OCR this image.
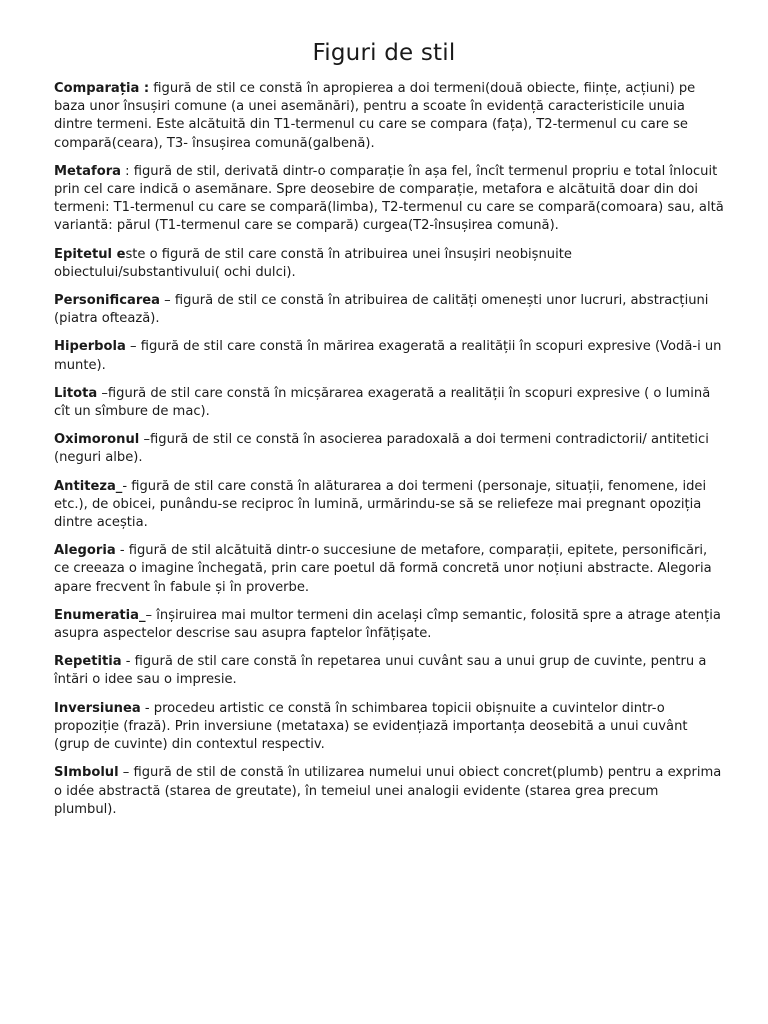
Figuri de stil

Comparația : figură de stil ce constă în apropierea a doi termeni(două obiecte, ființe, acțiuni) pe baza unor însușiri comune (a unei asemănări), pentru a scoate în evidență caracteristicile unuia dintre termeni. Este alcătuită din T1-termenul cu care se compara (fața), T2-termenul cu care se compară(ceara), T3- însușirea comună(galbenă).

Metafora : figură de stil, derivată dintr-o comparație în așa fel, încît termenul propriu e total înlocuit prin cel care indică o asemănare. Spre deosebire de comparație, metafora e alcătuită doar din doi termeni: T1-termenul cu care se compară(limba), T2-termenul cu care se compară(comoara) sau, altă variantă: părul (T1-termenul care se compară) curgea(T2-însușirea comună).

Epitetul este o figură de stil care constă în atribuirea unei însușiri neobișnuite obiectului/substantivului( ochi dulci).

Personificarea – figură de stil ce constă în atribuirea de calități omenești unor lucruri, abstracțiuni (piatra oftează).

Hiperbola – figură de stil care constă în mărirea exagerată a realității în scopuri expresive (Vodă-i un munte).

Litota –figură de stil care constă în micșărarea exagerată a realității în scopuri expresive ( o lumină cît un sîmbure de mac).

Oximoronul –figură de stil ce constă în asocierea paradoxală a doi termeni contradictorii/ antitetici (neguri albe).

Antiteza_- figură de stil care constă în alăturarea a doi termeni (personaje, situații, fenomene, idei etc.), de obicei, punându-se reciproc în lumină, urmărindu-se să se reliefeze mai pregnant opoziția dintre aceștia.

Alegoria - figură de stil alcătuită dintr-o succesiune de metafore, comparații, epitete, personificări, ce creeaza o imagine închegată, prin care poetul dă formă concretă unor noțiuni abstracte. Alegoria apare frecvent în fabule și în proverbe.

Enumeratia_– înșiruirea mai multor termeni din același cîmp semantic, folosită spre a atrage atenția asupra aspectelor descrise sau asupra faptelor înfățișate.

Repetitia - figură de stil care constă în repetarea unui cuvânt sau a unui grup de cuvinte, pentru a întări o idee sau o impresie.

Inversiunea - procedeu artistic ce constă în schimbarea topicii obișnuite a cuvintelor dintr-o propoziție (frază). Prin inversiune (metataxa) se evidențiază importanța deosebită a unui cuvânt (grup de cuvinte) din contextul respectiv.

SImbolul – figură de stil de constă în utilizarea numelui unui obiect concret(plumb) pentru a exprima o idée abstractă (starea de greutate), în temeiul unei analogii evidente (starea grea precum plumbul).
